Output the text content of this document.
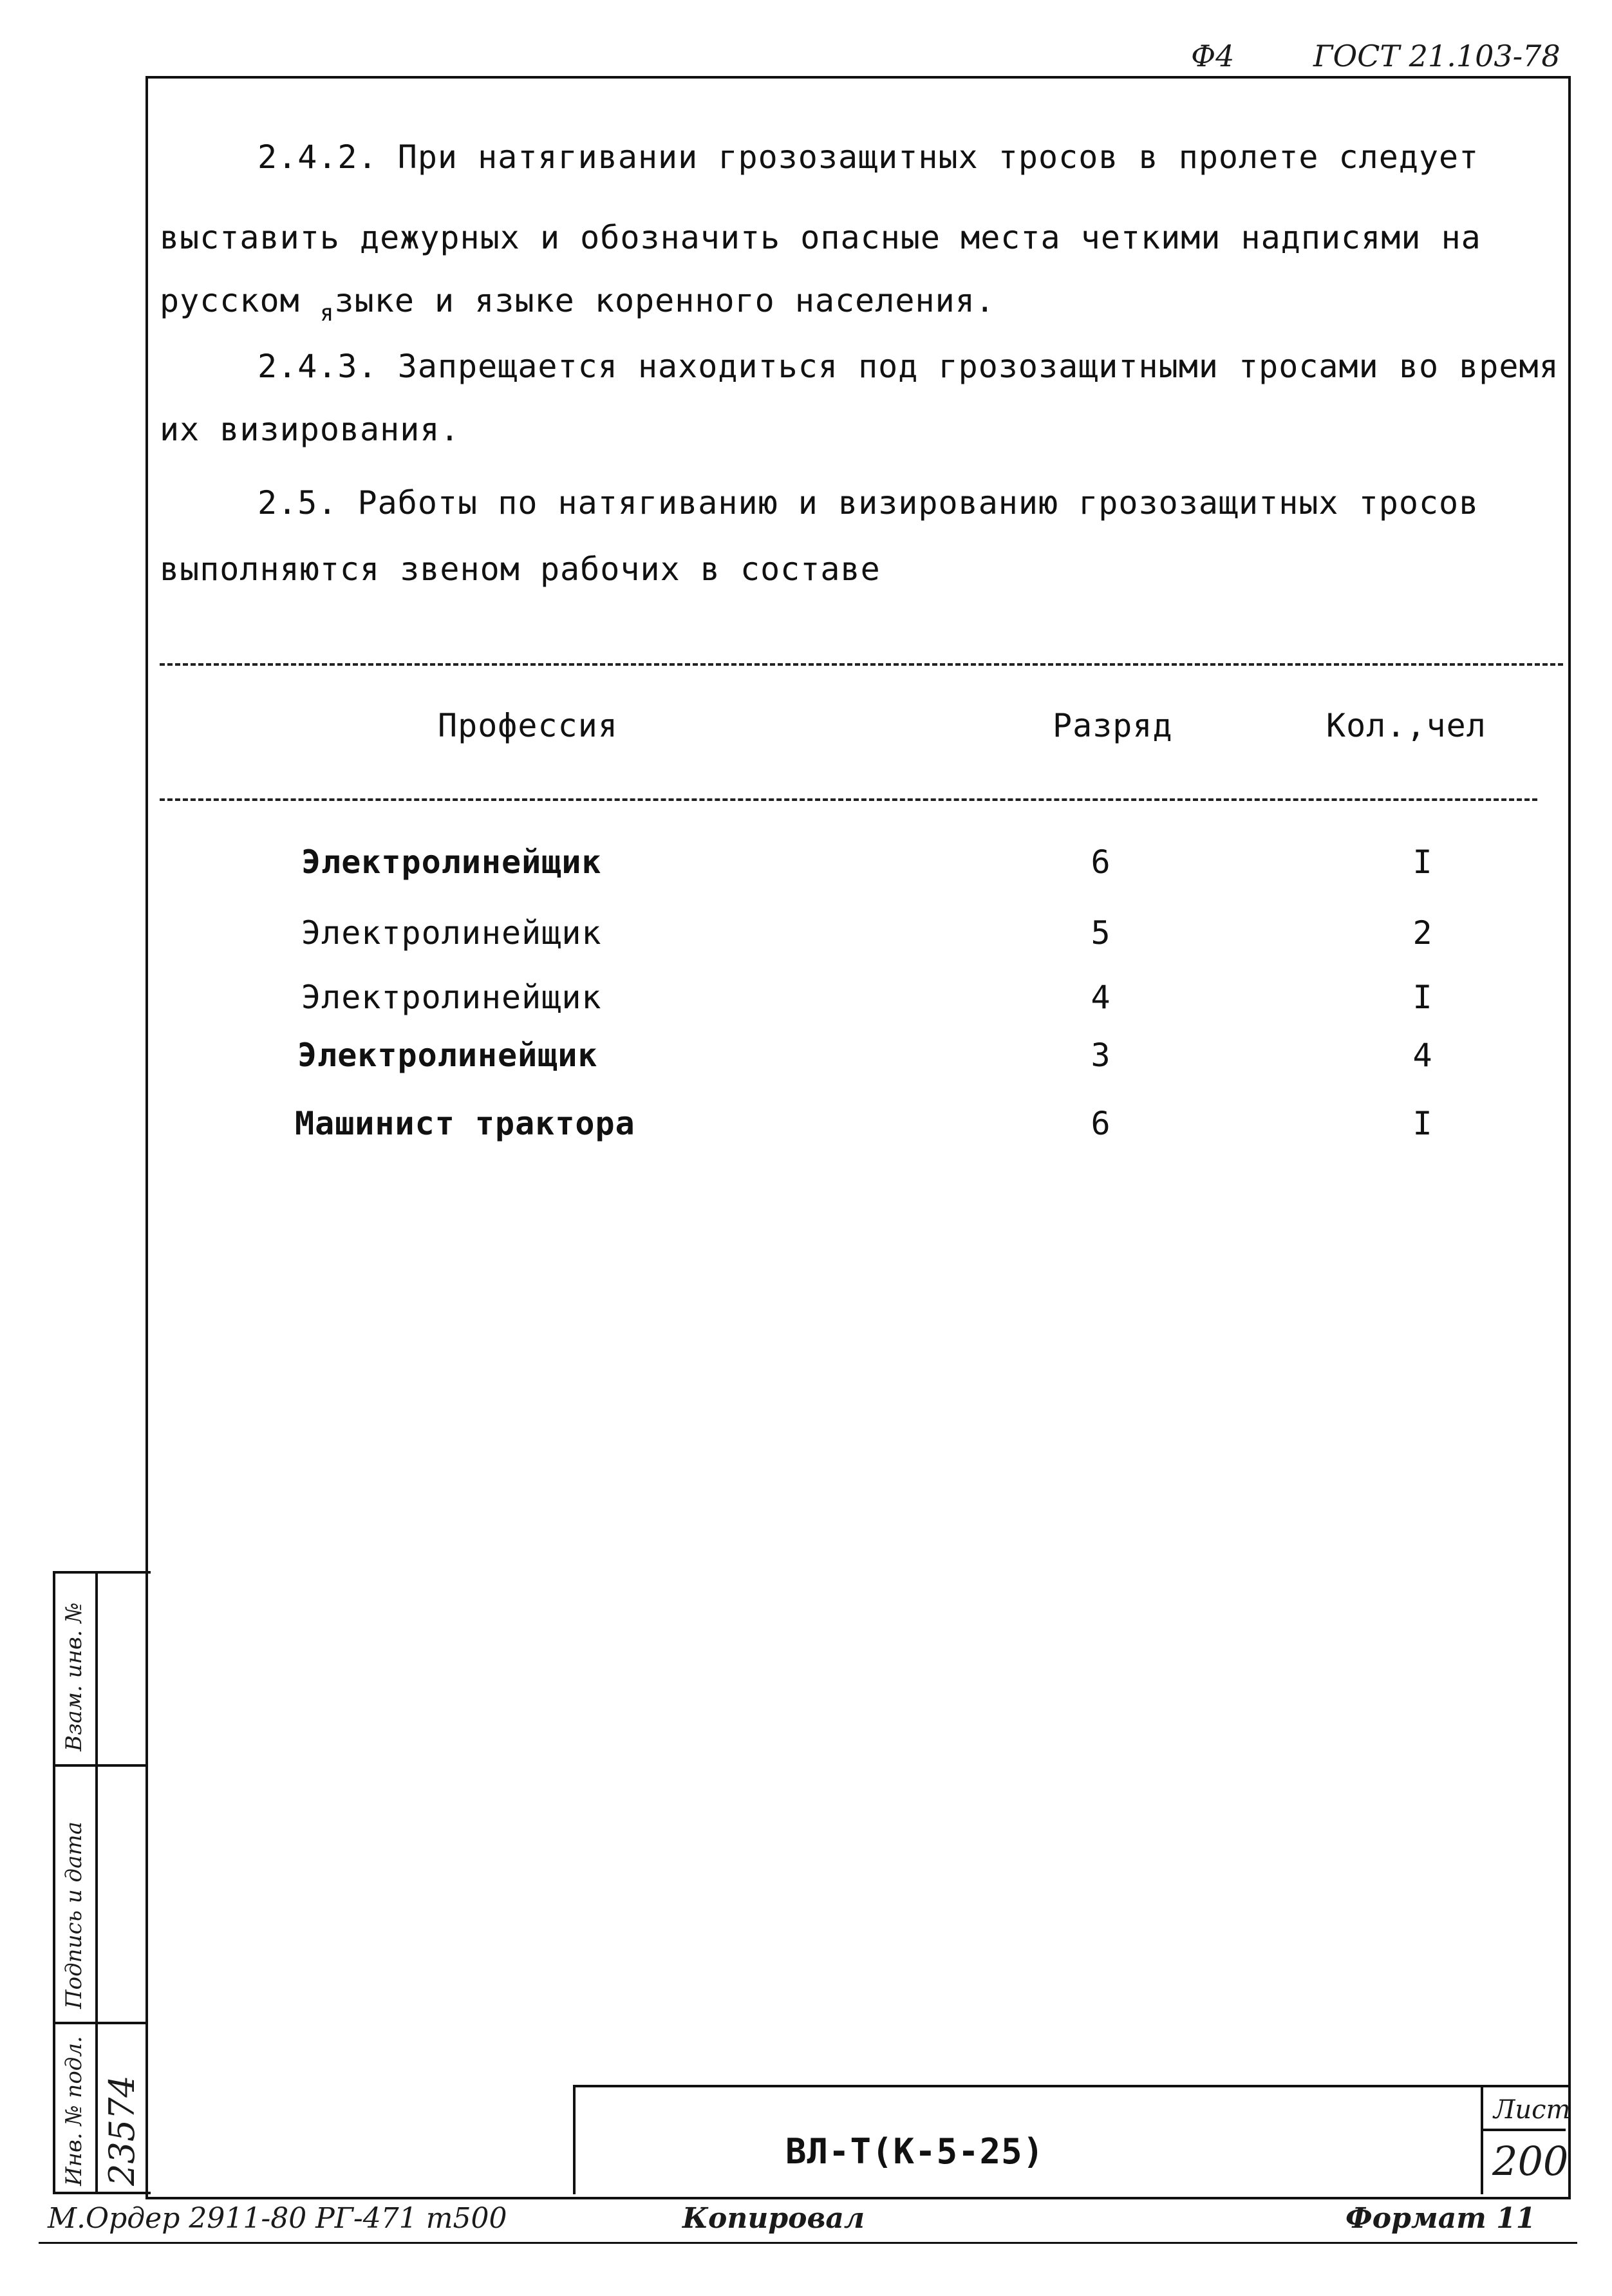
Ф4	ГОСТ 21.103-78
2.4.2. При натягивании грозозащитных тросов в пролете следует
выставить дежурных и обозначить опасные места четкими надписями на
русском $_я$зыке и языке коренного населения.
2.4.3. Запрещается находиться под грозозащитными тросами во время
их визирования.
2.5. Работы по натягиванию и визированию грозозащитных тросов
выполняются звеном рабочих в составе
Профессия	Разряд	Кол.,чел
Электролинейщик	6	I
Электролинейщик	5	2
Электролинейщик	4	I
Электролинейщик	3	4
Машинист трактора	6	I
Взам. инв. №
Подпись и дата
Инв. № подл. 23574	ВЛ-Т(К-5-25)
Лист
200
М.Ордер 2911-80 РГ-471 т500	Копировал	Формат 11
